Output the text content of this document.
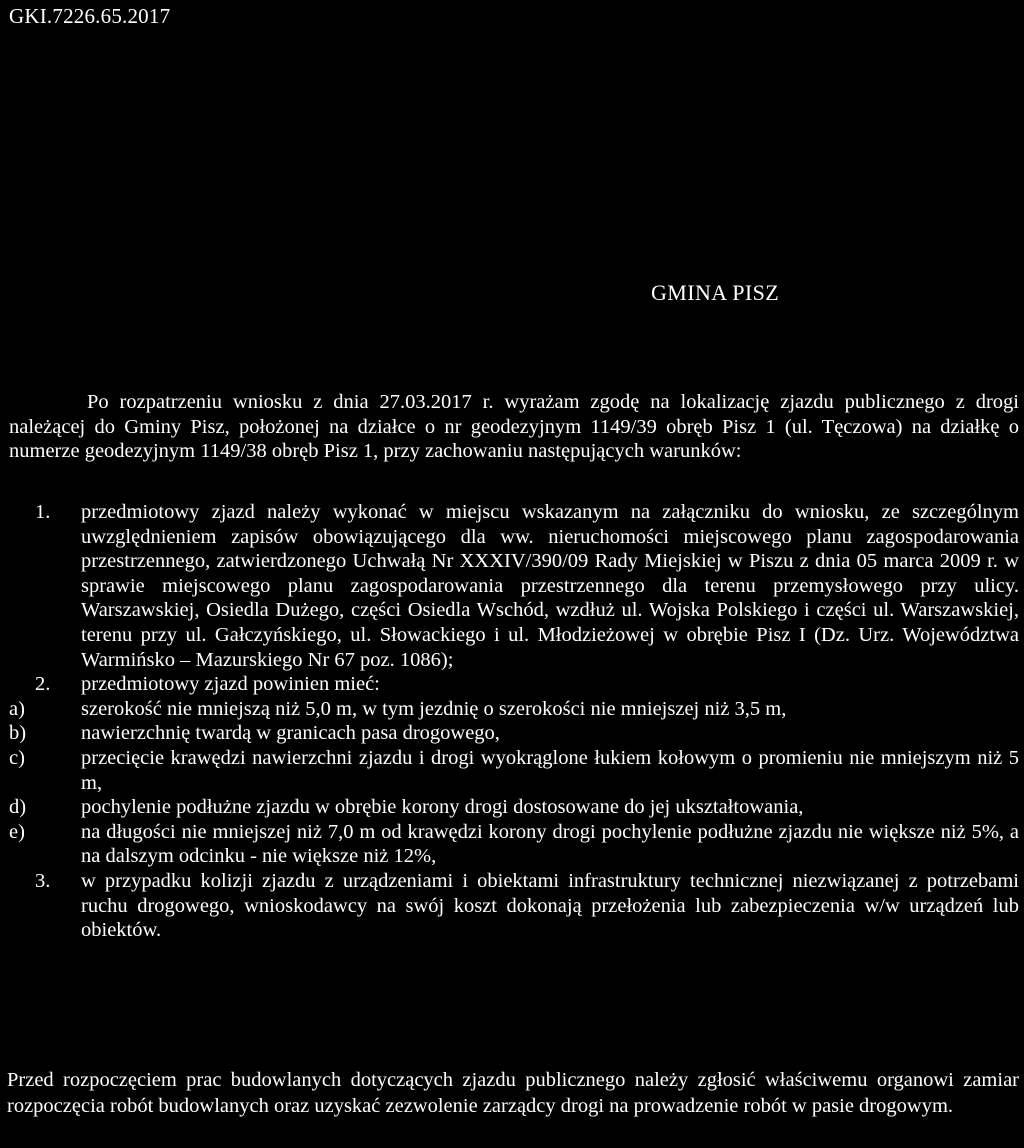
GKI.7226.65.2017
GMINA PISZ

Po rozpatrzeniu wniosku z dnia 27.03.2017 r. wyrażam zgodę na lokalizację zjazdu publicznego z drogi należącej do Gminy Pisz, położonej na działce o nr geodezyjnym 1149/39 obręb Pisz 1 (ul. Tęczowa) na działkę o numerze geodezyjnym 1149/38 obręb Pisz 1, przy zachowaniu następujących warunków:

1. przedmiotowy zjazd należy wykonać w miejscu wskazanym na załączniku do wniosku, ze szczególnym uwzględnieniem zapisów obowiązującego dla ww. nieruchomości miejscowego planu zagospodarowania przestrzennego, zatwierdzonego Uchwałą Nr XXXIV/390/09 Rady Miejskiej w Piszu z dnia 05 marca 2009 r. w sprawie miejscowego planu zagospodarowania przestrzennego dla terenu przemysłowego przy ulicy. Warszawskiej, Osiedla Dużego, części Osiedla Wschód, wzdłuż ul. Wojska Polskiego i części ul. Warszawskiej, terenu przy ul. Gałczyńskiego, ul. Słowackiego i ul. Młodzieżowej w obrębie Pisz I (Dz. Urz. Województwa Warmińsko – Mazurskiego Nr 67 poz. 1086);
2. przedmiotowy zjazd powinien mieć:
a)	szerokość nie mniejszą niż 5,0 m, w tym jezdnię o szerokości nie mniejszej niż 3,5 m,
b)	nawierzchnię twardą w granicach pasa drogowego,
c)	przecięcie krawędzi nawierzchni zjazdu i drogi wyokrąglone łukiem kołowym o promieniu nie mniejszym niż 5 m,
d)	pochylenie podłużne zjazdu w obrębie korony drogi dostosowane do jej ukształtowania,
e)	na długości nie mniejszej niż 7,0 m od krawędzi korony drogi pochylenie podłużne zjazdu nie większe niż 5%, a na dalszym odcinku - nie większe niż 12%,
3. w przypadku kolizji zjazdu z urządzeniami i obiektami infrastruktury technicznej niezwiązanej z potrzebami ruchu drogowego, wnioskodawcy na swój koszt dokonają przełożenia lub zabezpieczenia w/w urządzeń lub obiektów.

Przed rozpoczęciem prac budowlanych dotyczących zjazdu publicznego należy zgłosić właściwemu organowi zamiar rozpoczęcia robót budowlanych oraz uzyskać zezwolenie zarządcy drogi na prowadzenie robót w pasie drogowym.
